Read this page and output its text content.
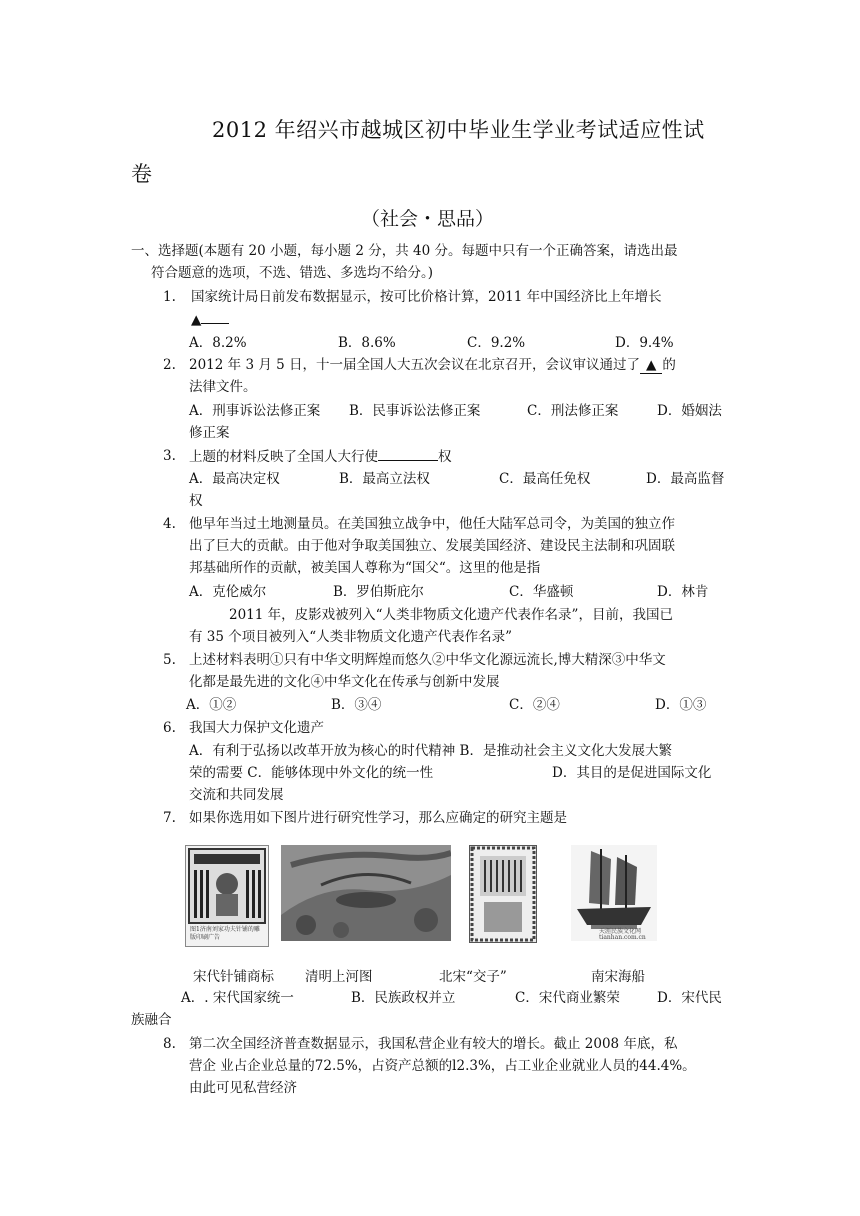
2012 年绍兴市越城区初中毕业生学业考试适应性试
卷
（社会・思品）
一、选择题(本题有 20 小题，每小题 2 分，共 40 分。每题中只有一个正确答案，请选出最
符合题意的选项，不选、错选、多选均不给分。)
1. 国家统计局日前发布数据显示，按可比价格计算，2011 年中国经济比上年增长
▲
A．8.2%	B．8.6%	C．9.2%	D．9.4%
2. 2012 年 3 月 5 日，十一届全国人大五次会议在北京召开，会议审议通过了 ▲ 的
法律文件。
A．刑事诉讼法修正案 B．民事诉讼法修正案	C．刑法修正案	D．婚姻法
修正案
3. 上题的材料反映了全国人大行使	权
A．最高决定权	B．最高立法权	C．最高任免权	D．最高监督
权
4. 他早年当过土地测量员。在美国独立战争中，他任大陆军总司令，为美国的独立作
出了巨大的贡献。由于他对争取美国独立、发展美国经济、建设民主法制和巩固联
邦基础所作的贡献，被美国人尊称为“国父“。这里的他是指
A．克伦威尔	B．罗伯斯庇尔	C．华盛顿	D．林肯
2011 年，皮影戏被列入“人类非物质文化遗产代表作名录”，目前，我国已
有 35 个项目被列入“人类非物质文化遗产代表作名录”
5. 上述材料表明①只有中华文明辉煌而悠久②中华文化源远流长,博大精深③中华文
化都是最先进的文化④中华文化在传承与创新中发展
A．①②	B．③④	C．②④	D．①③
6. 我国大力保护文化遗产
A．有利于弘扬以改革开放为核心的时代精神 B．是推动社会主义文化大发展大繁
荣的需要 C．能够体现中外文化的统一性	D．其目的是促进国际文化
交流和共同发展
7. 如果你选用如下图片进行研究性学习，那么应确定的研究主题是
图1济南刘家功夫针铺的雕版印刷广告
天涯民族文化网 tianhan.com.cn
宋代针铺商标 清明上河图	北宋“交子”	南宋海船
A．. 宋代国家统一	B．民族政权并立	C．宋代商业繁荣	D．宋代民
族融合
8. 第二次全国经济普查数据显示，我国私营企业有较大的增长。截止 2008 年底，私
营企 业占企业总量的72.5%，占资产总额的l2.3%，占工业企业就业人员的44.4%。
由此可见私营经济
